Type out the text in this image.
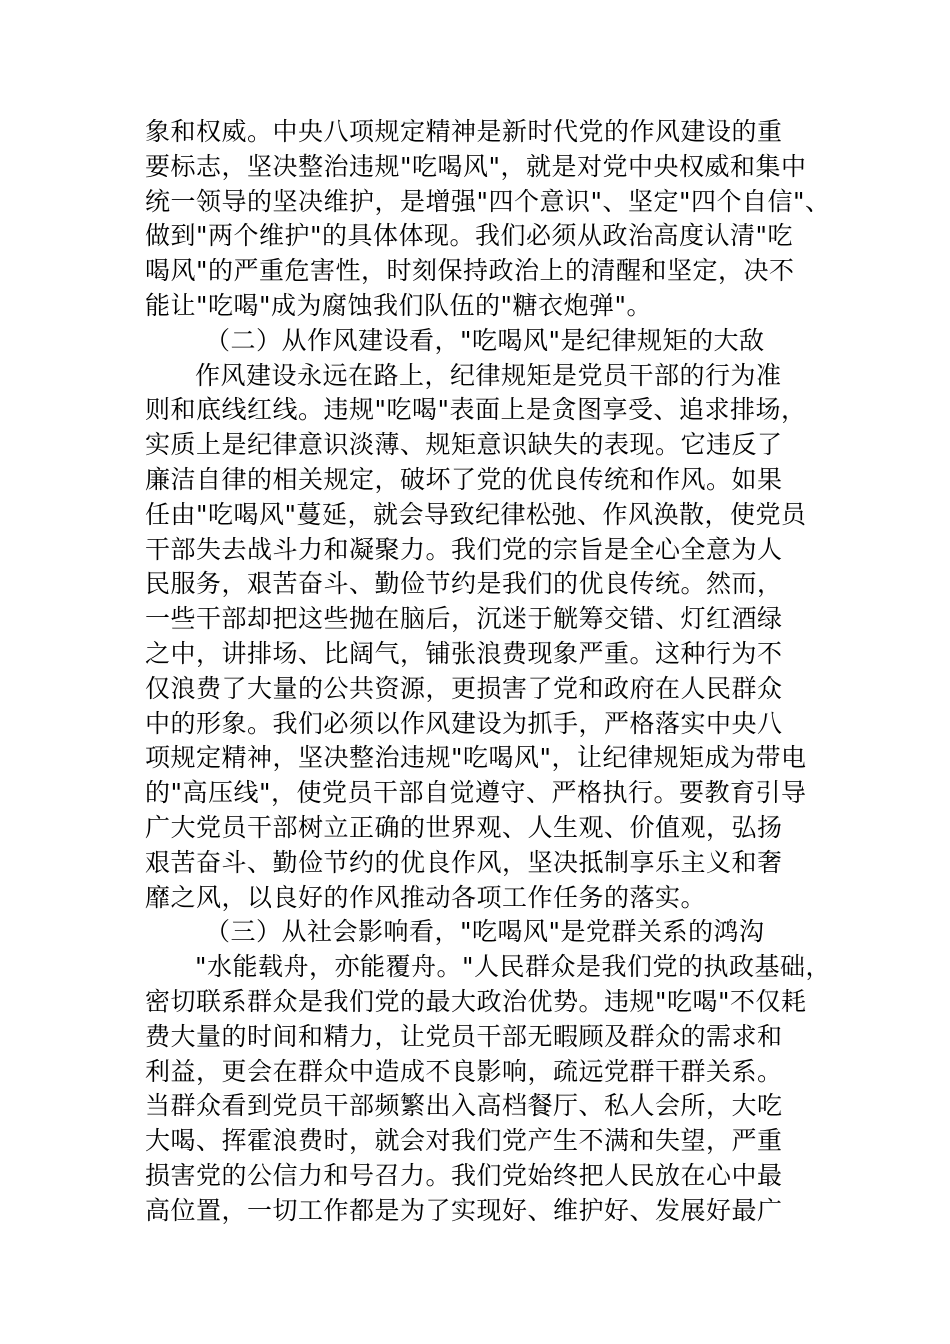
象和权威。中央八项规定精神是新时代党的作风建设的重
要标志，坚决整治违规"吃喝风"，就是对党中央权威和集中
统一领导的坚决维护，是增强"四个意识"、坚定"四个自信"、
做到"两个维护"的具体体现。我们必须从政治高度认清"吃
喝风"的严重危害性，时刻保持政治上的清醒和坚定，决不
能让"吃喝"成为腐蚀我们队伍的"糖衣炮弹"。
（二）从作风建设看，"吃喝风"是纪律规矩的大敌
作风建设永远在路上，纪律规矩是党员干部的行为准
则和底线红线。违规"吃喝"表面上是贪图享受、追求排场，
实质上是纪律意识淡薄、规矩意识缺失的表现。它违反了
廉洁自律的相关规定，破坏了党的优良传统和作风。如果
任由"吃喝风"蔓延，就会导致纪律松弛、作风涣散，使党员
干部失去战斗力和凝聚力。我们党的宗旨是全心全意为人
民服务，艰苦奋斗、勤俭节约是我们的优良传统。然而，
一些干部却把这些抛在脑后，沉迷于觥筹交错、灯红酒绿
之中，讲排场、比阔气，铺张浪费现象严重。这种行为不
仅浪费了大量的公共资源，更损害了党和政府在人民群众
中的形象。我们必须以作风建设为抓手，严格落实中央八
项规定精神，坚决整治违规"吃喝风"，让纪律规矩成为带电
的"高压线"，使党员干部自觉遵守、严格执行。要教育引导
广大党员干部树立正确的世界观、人生观、价值观，弘扬
艰苦奋斗、勤俭节约的优良作风，坚决抵制享乐主义和奢
靡之风，以良好的作风推动各项工作任务的落实。
（三）从社会影响看，"吃喝风"是党群关系的鸿沟
"水能载舟，亦能覆舟。"人民群众是我们党的执政基础，
密切联系群众是我们党的最大政治优势。违规"吃喝"不仅耗
费大量的时间和精力，让党员干部无暇顾及群众的需求和
利益，更会在群众中造成不良影响，疏远党群干群关系。
当群众看到党员干部频繁出入高档餐厅、私人会所，大吃
大喝、挥霍浪费时，就会对我们党产生不满和失望，严重
损害党的公信力和号召力。我们党始终把人民放在心中最
高位置，一切工作都是为了实现好、维护好、发展好最广
